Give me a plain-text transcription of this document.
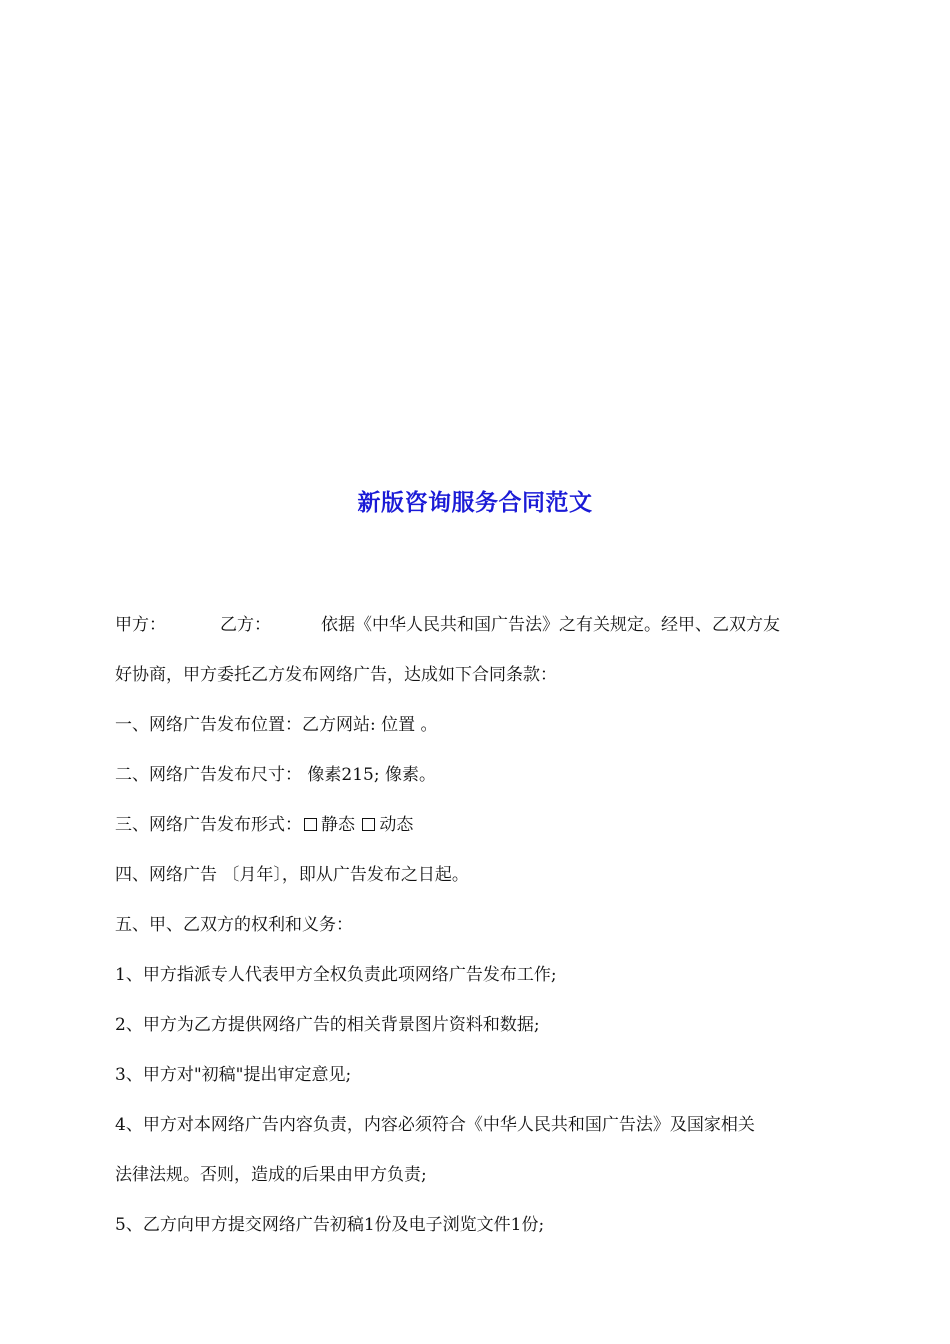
新版咨询服务合同范文
甲方：	乙方：	依据《中华人民共和国广告法》之有关规定。经甲、乙双方友
好协商，甲方委托乙方发布网络广告，达成如下合同条款：
一、网络广告发布位置：乙方网站: 位置 。
二、网络广告发布尺寸： 像素215; 像素。
三、网络广告发布形式： 静态 动态
四、网络广告 〔月年〕，即从广告发布之日起。
五、甲、乙双方的权利和义务：
1、甲方指派专人代表甲方全权负责此项网络广告发布工作;
2、甲方为乙方提供网络广告的相关背景图片资料和数据;
3、甲方对"初稿"提出审定意见;
4、甲方对本网络广告内容负责，内容必须符合《中华人民共和国广告法》及国家相关
法律法规。否则，造成的后果由甲方负责;
5、乙方向甲方提交网络广告初稿1份及电子浏览文件1份;
